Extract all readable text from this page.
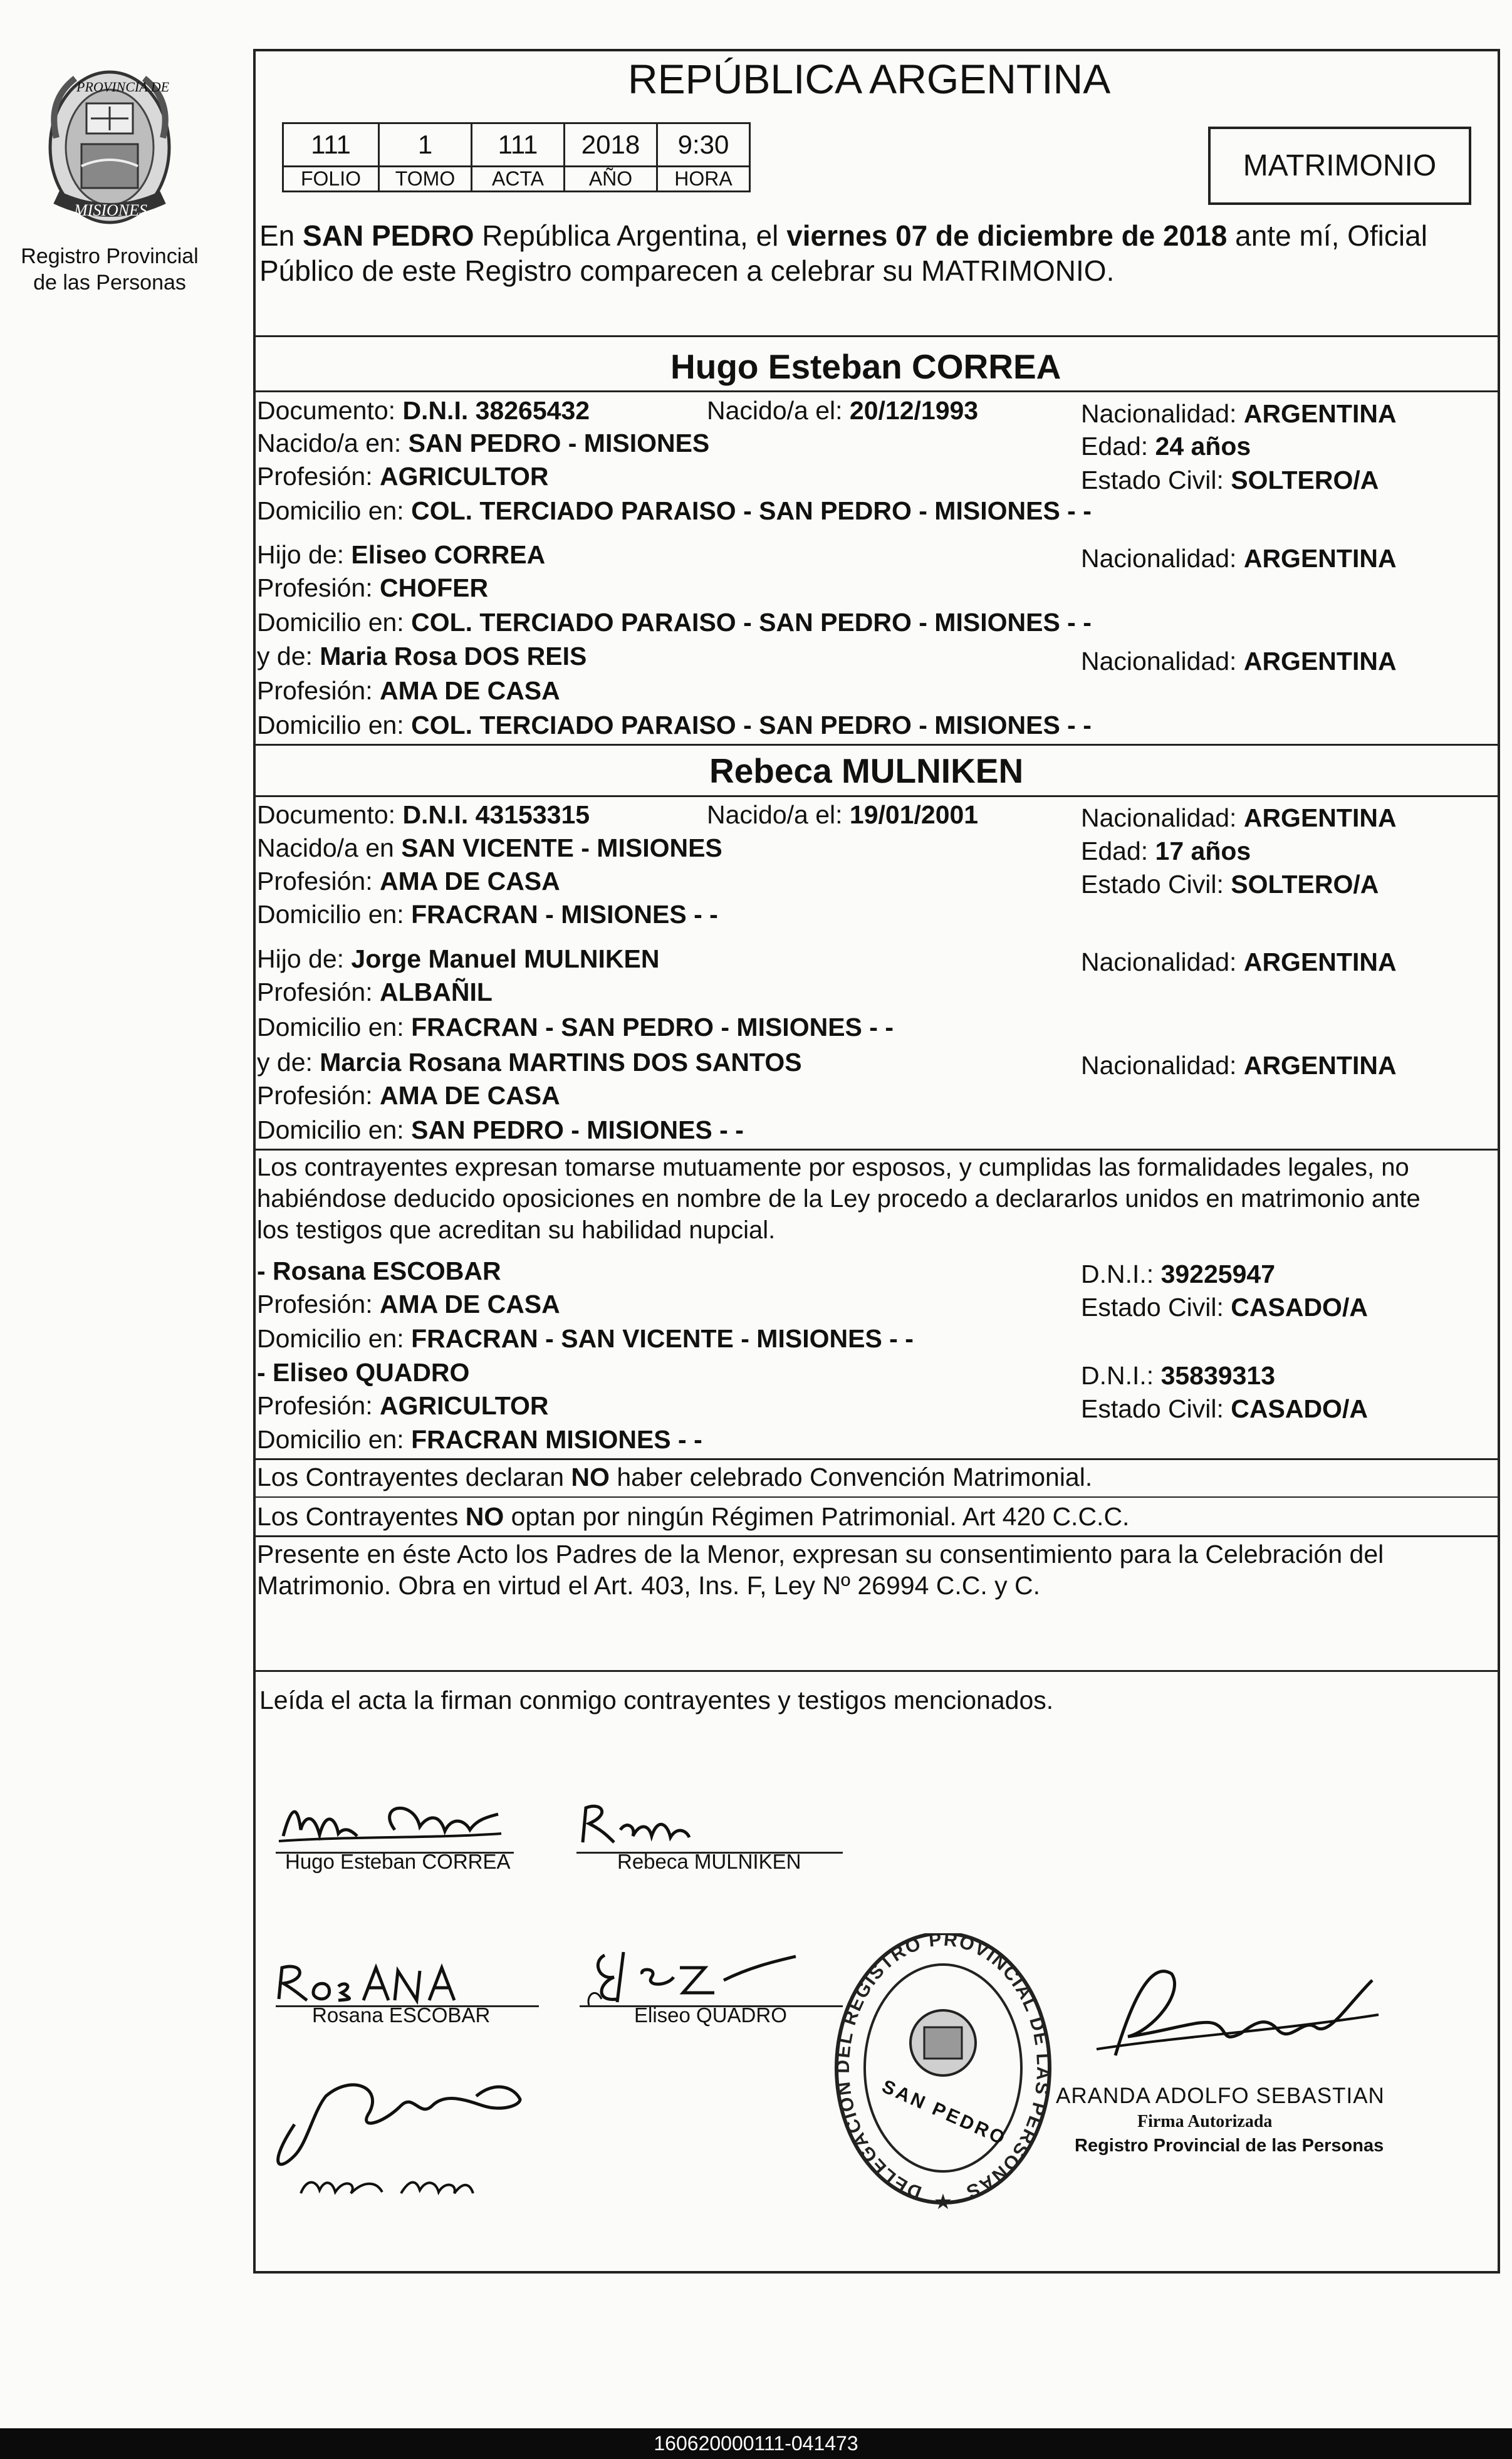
PROVINCIA DE
MISIONES
Registro Provincial
de las Personas
REPÚBLICA ARGENTINA
111	1	111	2018	9:30
FOLIO	TOMO	ACTA	AÑO	HORA	MATRIMONIO
En SAN PEDRO República Argentina, el viernes 07 de diciembre de 2018 ante mí, Oficial
Público de este Registro comparecen a celebrar su MATRIMONIO.
Hugo Esteban CORREA
Documento: D.N.I. 38265432	Nacido/a el: 20/12/1993	Nacionalidad: ARGENTINA
Nacido/a en: SAN PEDRO - MISIONES	Edad: 24 años
Profesión: AGRICULTOR	Estado Civil: SOLTERO/A
Domicilio en: COL. TERCIADO PARAISO - SAN PEDRO - MISIONES - -
Hijo de: Eliseo CORREA	Nacionalidad: ARGENTINA
Profesión: CHOFER
Domicilio en: COL. TERCIADO PARAISO - SAN PEDRO - MISIONES - -
y de: Maria Rosa DOS REIS	Nacionalidad: ARGENTINA
Profesión: AMA DE CASA
Domicilio en: COL. TERCIADO PARAISO - SAN PEDRO - MISIONES - -
Rebeca MULNIKEN
Documento: D.N.I. 43153315	Nacido/a el: 19/01/2001	Nacionalidad: ARGENTINA
Nacido/a en SAN VICENTE - MISIONES	Edad: 17 años
Profesión: AMA DE CASA	Estado Civil: SOLTERO/A
Domicilio en: FRACRAN - MISIONES - -
Hijo de: Jorge Manuel MULNIKEN	Nacionalidad: ARGENTINA
Profesión: ALBAÑIL
Domicilio en: FRACRAN - SAN PEDRO - MISIONES - -
y de: Marcia Rosana MARTINS DOS SANTOS	Nacionalidad: ARGENTINA
Profesión: AMA DE CASA
Domicilio en: SAN PEDRO - MISIONES - -
Los contrayentes expresan tomarse mutuamente por esposos, y cumplidas las formalidades legales, no
habiéndose deducido oposiciones en nombre de la Ley procedo a declararlos unidos en matrimonio ante
los testigos que acreditan su habilidad nupcial.
- Rosana ESCOBAR	D.N.I.: 39225947
Profesión: AMA DE CASA	Estado Civil: CASADO/A
Domicilio en: FRACRAN - SAN VICENTE - MISIONES - -
- Eliseo QUADRO	D.N.I.: 35839313
Profesión: AGRICULTOR	Estado Civil: CASADO/A
Domicilio en: FRACRAN MISIONES - -
Los Contrayentes declaran NO haber celebrado Convención Matrimonial.
Los Contrayentes NO optan por ningún Régimen Patrimonial. Art 420 C.C.C.
Presente en éste Acto los Padres de la Menor, expresan su consentimiento para la Celebración del
Matrimonio. Obra en virtud el Art. 403, Ins. F, Ley Nº 26994 C.C. y C.
Leída el acta la firman conmigo contrayentes y testigos mencionados.
Hugo Esteban CORREA	Rebeca MULNIKEN
Rosana ESCOBAR	Eliseo QUADRO
DELEGACION DEL REGISTRO PROVINCIAL DE LAS PERSONAS
★
SAN PEDRO ARANDA ADOLFO SEBASTIAN
Firma Autorizada
Registro Provincial de las Personas
160620000111-041473
